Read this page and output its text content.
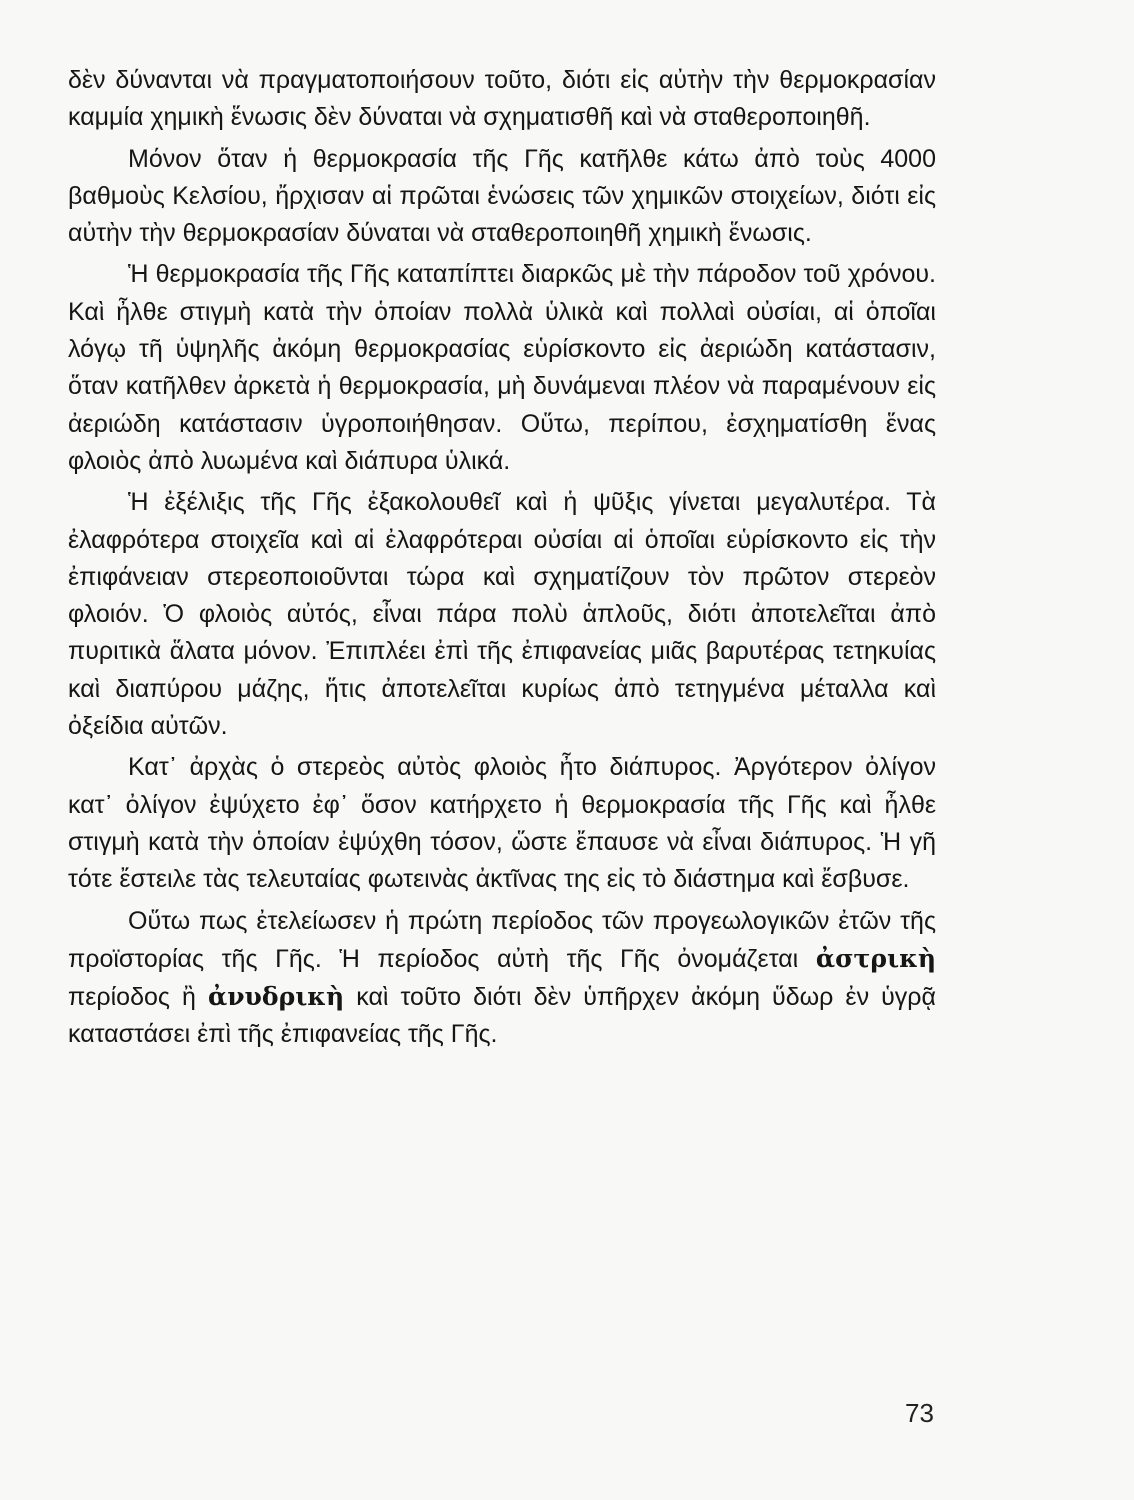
δὲν δύνανται νὰ πραγματοποιήσουν τοῦτο, διότι εἰς αὐτὴν τὴν θερμοκρασίαν καμμία χημικὴ ἕνωσις δὲν δύναται νὰ σχηματισθῆ καὶ νὰ σταθεροποιηθῆ.

Μόνον ὅταν ἡ θερμοκρασία τῆς Γῆς κατῆλθε κάτω ἀπὸ τοὺς 4000 βαθμοὺς Κελσίου, ἤρχισαν αἱ πρῶται ἑνώσεις τῶν χημικῶν στοιχείων, διότι εἰς αὐτὴν τὴν θερμοκρασίαν δύναται νὰ σταθεροποιηθῆ χημικὴ ἕνωσις.

Ἡ θερμοκρασία τῆς Γῆς καταπίπτει διαρκῶς μὲ τὴν πάροδον τοῦ χρόνου. Καὶ ἦλθε στιγμὴ κατὰ τὴν ὁποίαν πολλὰ ὑλικὰ καὶ πολλαὶ οὐσίαι, αἱ ὁποῖαι λόγῳ τῆ ὑψηλῆς ἀκόμη θερμοκρασίας εὑρίσκοντο εἰς ἀεριώδη κατάστασιν, ὅταν κατῆλθεν ἀρκετὰ ἡ θερμοκρασία, μὴ δυνάμεναι πλέον νὰ παραμένουν εἰς ἀεριώδη κατάστασιν ὑγροποιήθησαν. Οὕτω, περίπου, ἐσχηματίσθη ἕνας φλοιὸς ἀπὸ λυωμένα καὶ διάπυρα ὑλικά.

Ἡ ἐξέλιξις τῆς Γῆς ἐξακολουθεῖ καὶ ἡ ψῦξις γίνεται μεγαλυτέρα. Τὰ ἐλαφρότερα στοιχεῖα καὶ αἱ ἐλαφρότεραι οὐσίαι αἱ ὁποῖαι εὑρίσκοντο εἰς τὴν ἐπιφάνειαν στερεοποιοῦνται τώρα καὶ σχηματίζουν τὸν πρῶτον στερεὸν φλοιόν. Ὁ φλοιὸς αὐτός, εἶναι πάρα πολὺ ἁπλοῦς, διότι ἀποτελεῖται ἀπὸ πυριτικὰ ἅλατα μόνον. Ἐπιπλέει ἐπὶ τῆς ἐπιφανείας μιᾶς βαρυτέρας τετηκυίας καὶ διαπύρου μάζης, ἥτις ἀποτελεῖται κυρίως ἀπὸ τετηγμένα μέταλλα καὶ ὀξείδια αὐτῶν.

Κατ᾽ ἀρχὰς ὁ στερεὸς αὐτὸς φλοιὸς ἦτο διάπυρος. Ἀργότερον ὀλίγον κατ᾽ ὀλίγον ἐψύχετο ἐφ᾽ ὅσον κατήρχετο ἡ θερμοκρασία τῆς Γῆς καὶ ἦλθε στιγμὴ κατὰ τὴν ὁποίαν ἐψύχθη τόσον, ὥστε ἔπαυσε νὰ εἶναι διάπυρος. Ἡ γῆ τότε ἔστειλε τὰς τελευταίας φωτεινὰς ἀκτῖνας της εἰς τὸ διάστημα καὶ ἔσβυσε.

Οὕτω πως ἐτελείωσεν ἡ πρώτη περίοδος τῶν προγεωλογικῶν ἐτῶν τῆς προϊστορίας τῆς Γῆς. Ἡ περίοδος αὐτὴ τῆς Γῆς ὀνομάζεται ἀστρικὴ περίοδος ἢ ἀνυδρικὴ καὶ τοῦτο διότι δὲν ὑπῆρχεν ἀκόμη ὕδωρ ἐν ὑγρᾷ καταστάσει ἐπὶ τῆς ἐπιφανείας τῆς Γῆς.

73
